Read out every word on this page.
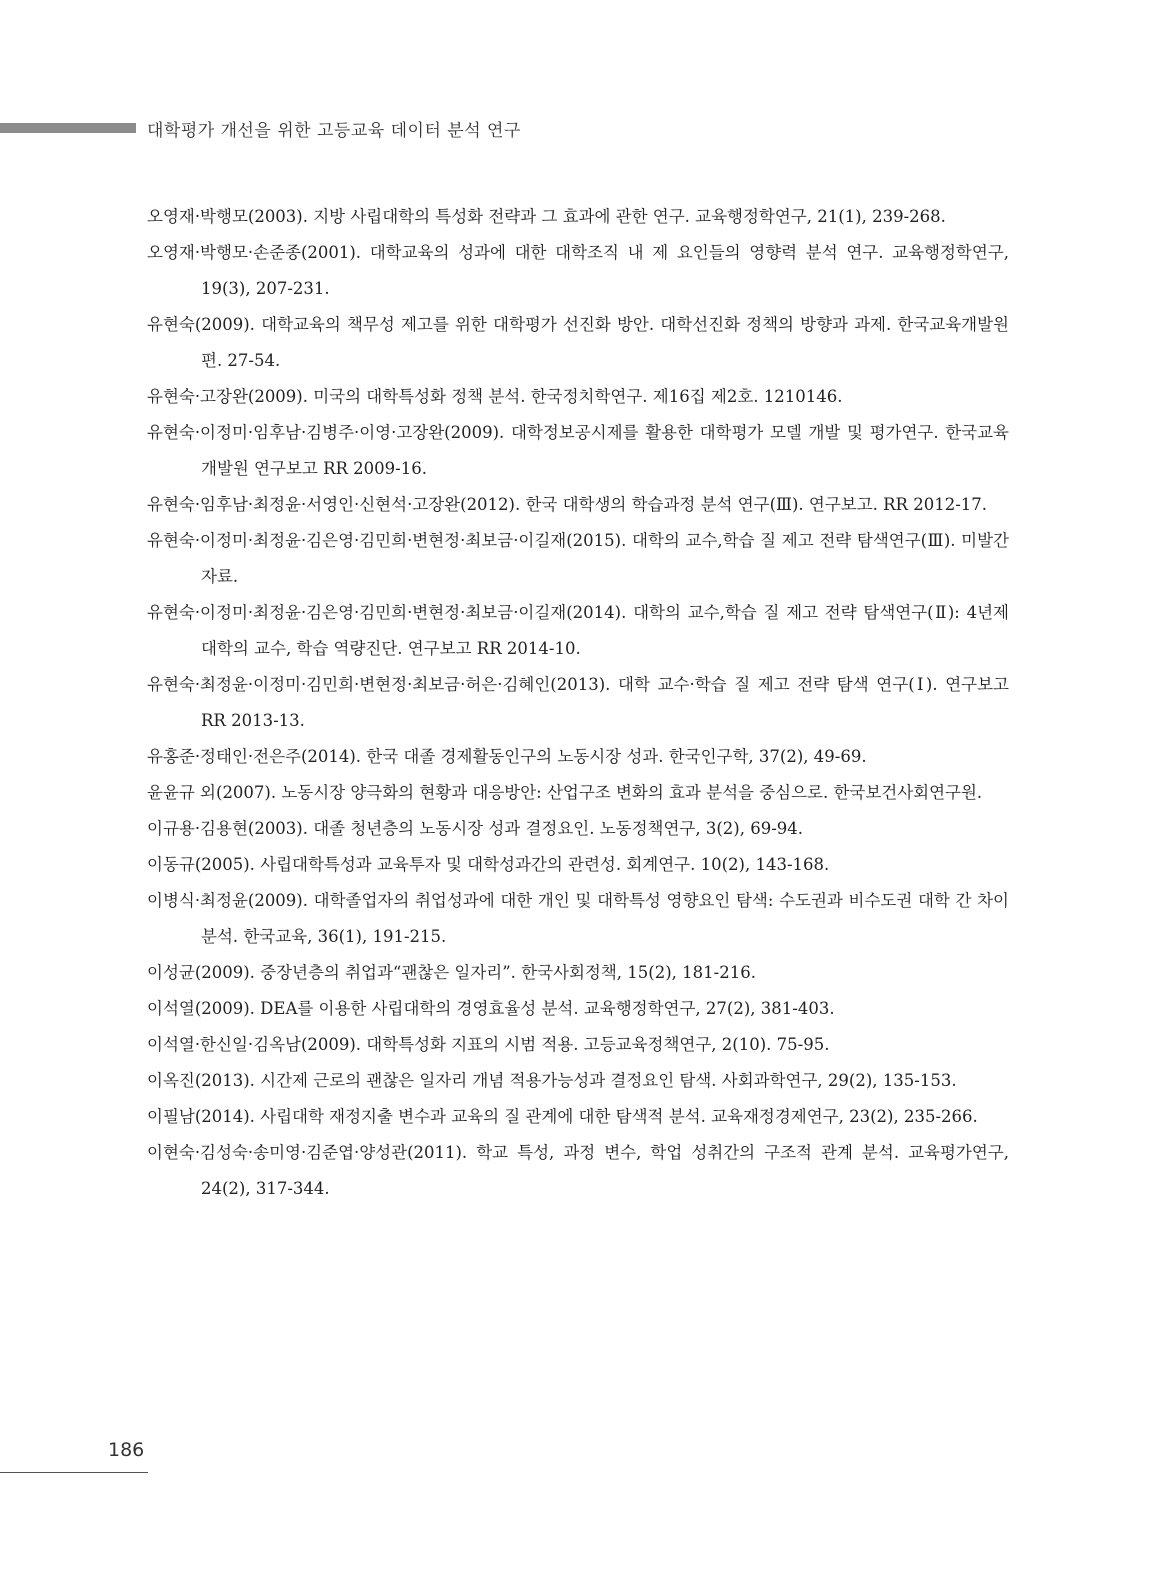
대학평가 개선을 위한 고등교육 데이터 분석 연구
오영재·박행모(2003). 지방 사립대학의 특성화 전략과 그 효과에 관한 연구. 교육행정학연구, 21(1), 239-268.
오영재·박행모·손준종(2001). 대학교육의 성과에 대한 대학조직 내 제 요인들의 영향력 분석 연구. 교육행정학연구, 19(3), 207-231.
유현숙(2009). 대학교육의 책무성 제고를 위한 대학평가 선진화 방안. 대학선진화 정책의 방향과 과제. 한국교육개발원 편. 27-54.
유현숙·고장완(2009). 미국의 대학특성화 정책 분석. 한국정치학연구. 제16집 제2호. 1210146.
유현숙·이정미·임후남·김병주·이영·고장완(2009). 대학정보공시제를 활용한 대학평가 모델 개발 및 평가연구. 한국교육개발원 연구보고 RR 2009-16.
유현숙·임후남·최정윤·서영인·신현석·고장완(2012). 한국 대학생의 학습과정 분석 연구(Ⅲ). 연구보고. RR 2012-17.
유현숙·이정미·최정윤·김은영·김민희·변현정·최보금·이길재(2015). 대학의 교수,학습 질 제고 전략 탐색연구(Ⅲ). 미발간자료.
유현숙·이정미·최정윤·김은영·김민희·변현정·최보금·이길재(2014). 대학의 교수,학습 질 제고 전략 탐색연구(Ⅱ): 4년제 대학의 교수, 학습 역량진단. 연구보고 RR 2014-10.
유현숙·최정윤·이정미·김민희·변현정·최보금·허은·김혜인(2013). 대학 교수·학습 질 제고 전략 탐색 연구(Ⅰ). 연구보고 RR 2013-13.
유홍준·정태인·전은주(2014). 한국 대졸 경제활동인구의 노동시장 성과. 한국인구학, 37(2), 49-69.
윤윤규 외(2007). 노동시장 양극화의 현황과 대응방안: 산업구조 변화의 효과 분석을 중심으로. 한국보건사회연구원.
이규용·김용현(2003). 대졸 청년층의 노동시장 성과 결정요인. 노동정책연구, 3(2), 69-94.
이동규(2005). 사립대학특성과 교육투자 및 대학성과간의 관련성. 회계연구. 10(2), 143-168.
이병식·최정윤(2009). 대학졸업자의 취업성과에 대한 개인 및 대학특성 영향요인 탐색: 수도권과 비수도권 대학 간 차이 분석. 한국교육, 36(1), 191-215.
이성균(2009). 중장년층의 취업과“괜찮은 일자리”. 한국사회정책, 15(2), 181-216.
이석열(2009). DEA를 이용한 사립대학의 경영효율성 분석. 교육행정학연구, 27(2), 381-403.
이석열·한신일·김옥남(2009). 대학특성화 지표의 시범 적용. 고등교육정책연구, 2(10). 75-95.
이옥진(2013). 시간제 근로의 괜찮은 일자리 개념 적용가능성과 결정요인 탐색. 사회과학연구, 29(2), 135-153.
이필남(2014). 사립대학 재정지출 변수과 교육의 질 관계에 대한 탐색적 분석. 교육재정경제연구, 23(2), 235-266.
이현숙·김성숙·송미영·김준엽·양성관(2011). 학교 특성, 과정 변수, 학업 성취간의 구조적 관계 분석. 교육평가연구, 24(2), 317-344.
186
